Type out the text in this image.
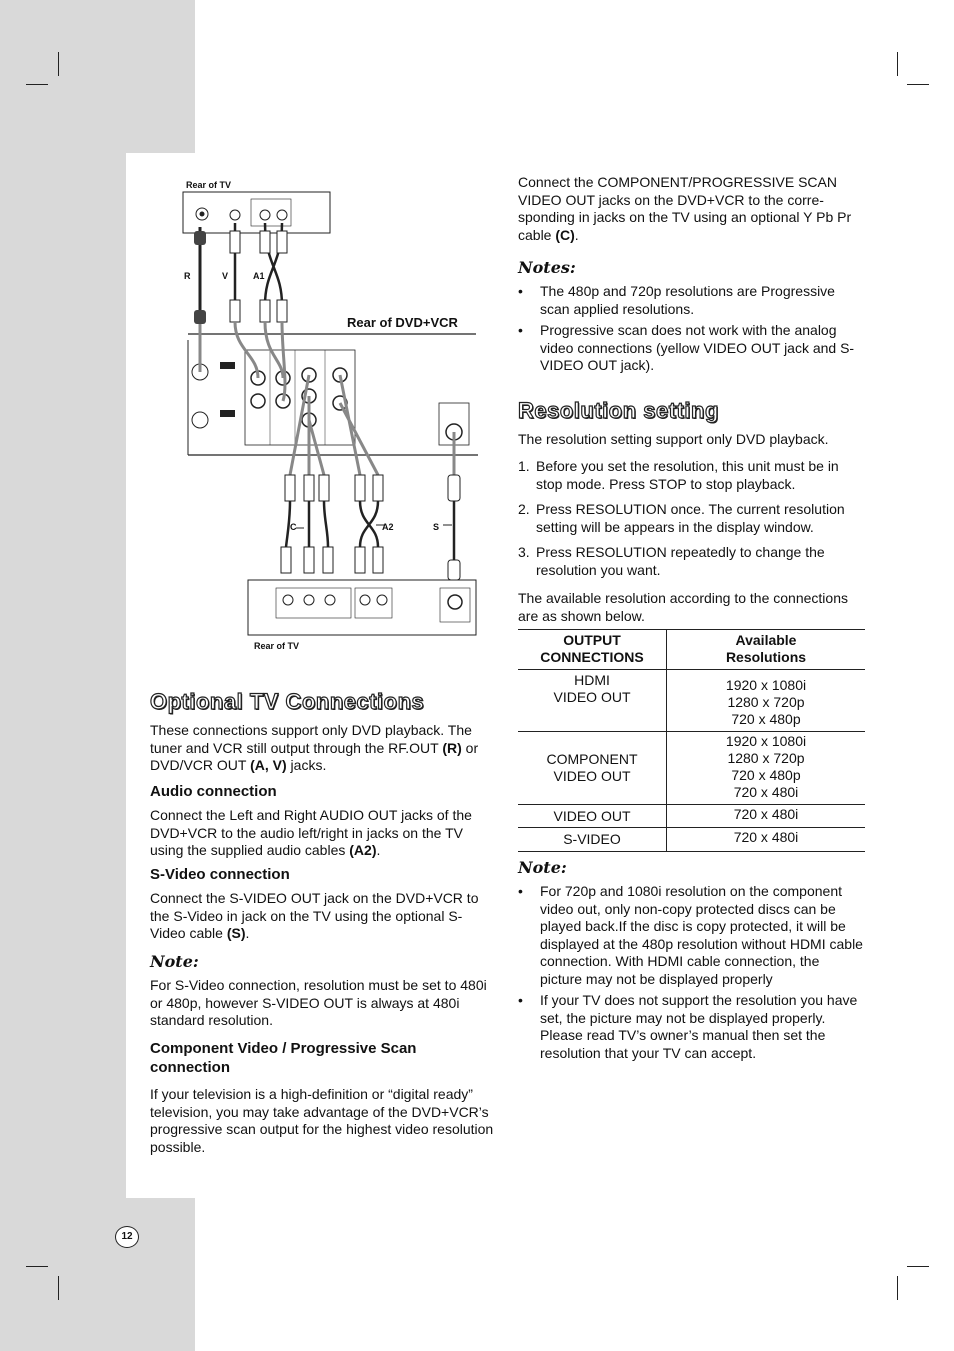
Rear of TV
R	V	A1
Rear of DVD+VCR
C	A2	S
Rear of TV
Optional TV Connections

These connections support only DVD playback. The tuner and VCR still output through the RF.OUT (R) or DVD/VCR OUT (A, V) jacks.

Audio connection

Connect the Left and Right AUDIO OUT jacks of the DVD+VCR to the audio left/right in jacks on the TV using the supplied audio cables (A2).

S-Video connection

Connect the S-VIDEO OUT jack on the DVD+VCR to the S-Video in jack on the TV using the optional S-Video cable (S).

Note:

For S-Video connection, resolution must be set to 480i or 480p, however S-VIDEO OUT is always at 480i standard resolution.

Component Video / Progressive Scan connection

If your television is a high-definition or “digital ready” television, you may take advantage of the DVD+VCR’s progressive scan output for the highest video resolution possible.

Connect the COMPONENT/PROGRESSIVE SCAN VIDEO OUT jacks on the DVD+VCR to the corre-sponding in jacks on the TV using an optional Y Pb Pr cable (C).

Notes:
• The 480p and 720p resolutions are Progressive scan applied resolutions.
• Progressive scan does not work with the analog video connections (yellow VIDEO OUT jack and S-VIDEO OUT jack).
Resolution setting

The resolution setting support only DVD playback.

1. Before you set the resolution, this unit must be in stop mode. Press STOP to stop playback.
2. Press RESOLUTION once. The current resolution setting will be appears in the display window.
3. Press RESOLUTION repeatedly to change the resolution you want.

The available resolution according to the connections are as shown below.

OUTPUT CONNECTIONS	Available Resolutions
HDMI
VIDEO OUT	1920 x 1080i
1280 x 720p
720 x 480p
COMPONENT
VIDEO OUT	1920 x 1080i
1280 x 720p
720 x 480p
720 x 480i
VIDEO OUT	720 x 480i
S-VIDEO	720 x 480i
Note:
• For 720p and 1080i resolution on the component video out, only non-copy protected discs can be played back.If the disc is copy protected, it will be displayed at the 480p resolution without HDMI cable connection. With HDMI cable connection, the picture may not be displayed properly
• If your TV does not support the resolution you have set, the picture may not be displayed properly. Please read TV’s owner’s manual then set the resolution that your TV can accept.
12
